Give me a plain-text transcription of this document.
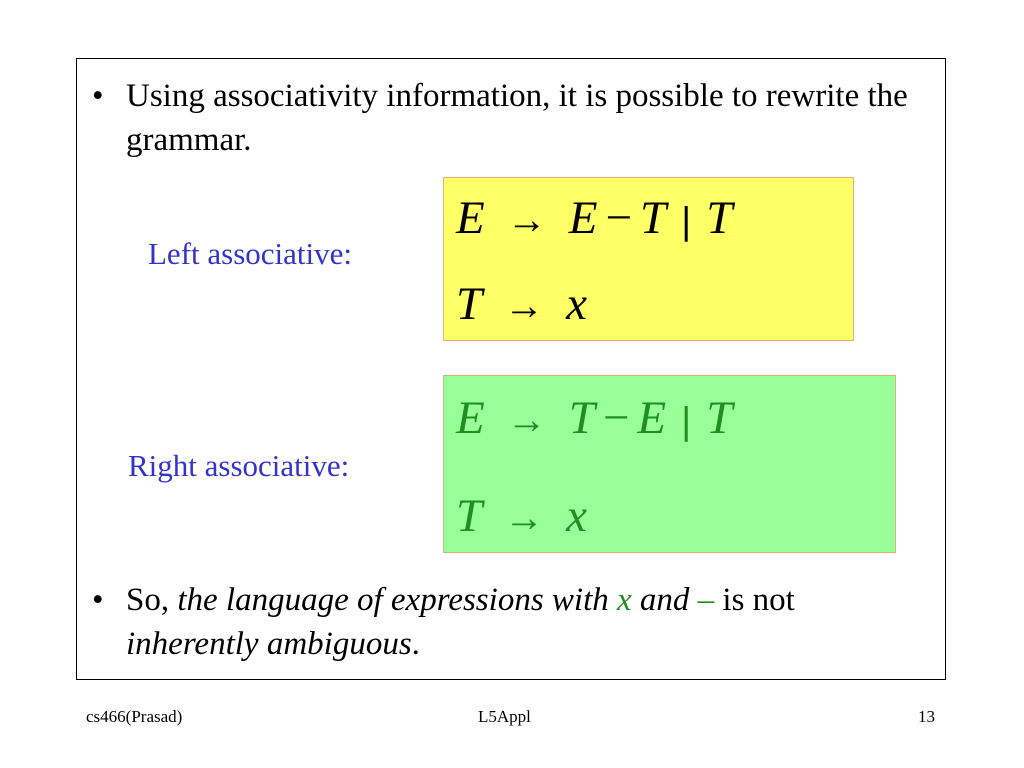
• Using associativity information, it is possible to rewrite the grammar.
Left associative:
E → E − T | T
T → x
Right associative:
E → T − E | T
T → x
• So, the language of expressions with x and – is not
inherently ambiguous.
cs466(Prasad)	L5Appl	13
